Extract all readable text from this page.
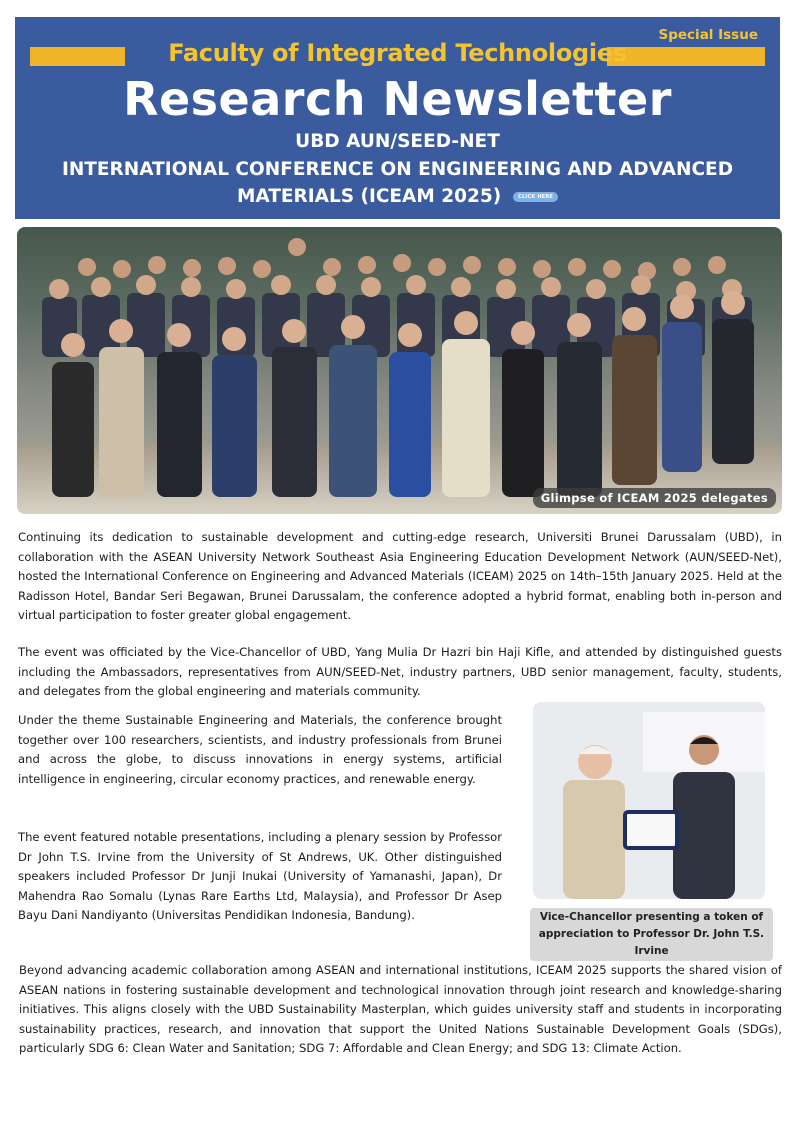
Special Issue
Faculty of Integrated Technologies
Research Newsletter
UBD AUN/SEED-NET
INTERNATIONAL CONFERENCE ON ENGINEERING AND ADVANCED
MATERIALS (ICEAM 2025)	CLICK HERE
Glimpse of ICEAM 2025 delegates

Continuing its dedication to sustainable development and cutting-edge research, Universiti Brunei Darussalam (UBD), in collaboration with the ASEAN University Network Southeast Asia Engineering Education Development Network (AUN/SEED-Net), hosted the International Conference on Engineering and Advanced Materials (ICEAM) 2025 on 14th–15th January 2025. Held at the Radisson Hotel, Bandar Seri Begawan, Brunei Darussalam, the conference adopted a hybrid format, enabling both in-person and virtual participation to foster greater global engagement.

The event was officiated by the Vice-Chancellor of UBD, Yang Mulia Dr Hazri bin Haji Kifle, and attended by distinguished guests including the Ambassadors, representatives from AUN/SEED-Net, industry partners, UBD senior management, faculty, students, and delegates from the global engineering and materials community.

Under the theme Sustainable Engineering and Materials, the conference brought together over 100 researchers, scientists, and industry professionals from Brunei and across the globe, to discuss innovations in energy systems, artificial intelligence in engineering, circular economy practices, and renewable energy.

The event featured notable presentations, including a plenary session by Professor Dr John T.S. Irvine from the University of St Andrews, UK. Other distinguished speakers included Professor Dr Junji Inukai (University of Yamanashi, Japan), Dr Mahendra Rao Somalu (Lynas Rare Earths Ltd, Malaysia), and Professor Dr Asep Bayu Dani Nandiyanto (Universitas Pendidikan Indonesia, Bandung).	Vice-Chancellor presenting a token of appreciation to Professor Dr. John T.S. Irvine

Beyond advancing academic collaboration among ASEAN and international institutions, ICEAM 2025 supports the shared vision of ASEAN nations in fostering sustainable development and technological innovation through joint research and knowledge-sharing initiatives. This aligns closely with the UBD Sustainability Masterplan, which guides university staff and students in incorporating sustainability practices, research, and innovation that support the United Nations Sustainable Development Goals (SDGs), particularly SDG 6: Clean Water and Sanitation; SDG 7: Affordable and Clean Energy; and SDG 13: Climate Action.
